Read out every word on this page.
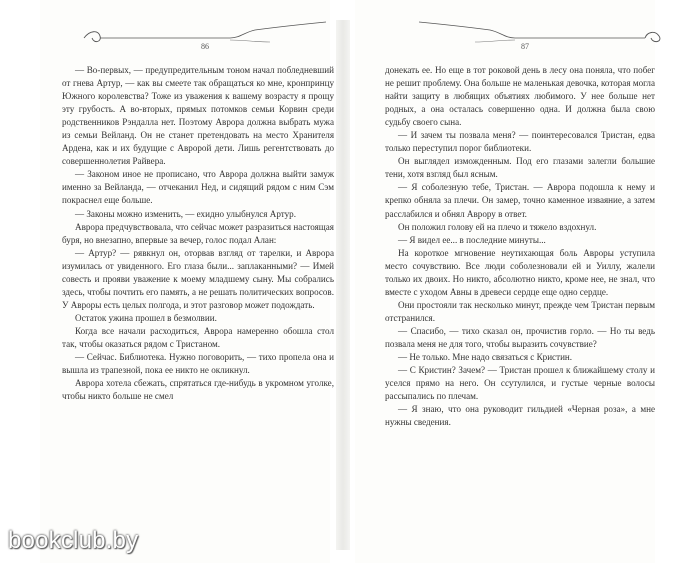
86

— Во-первых, — предупредительным тоном начал побледневший от гнева Артур, — как вы смеете так обращаться ко мне, кронпринцу Южного королевства? Тоже из уважения к вашему возрасту я прощу эту грубость. А во-вторых, прямых потомков семьи Корвин среди родственников Рэндалла нет. Поэтому Аврора должна выбрать мужа из семьи Вейланд. Он не станет претендовать на место Хранителя Ардена, как и их будущие с Авророй дети. Лишь регентствовать до совершеннолетия Райвера.

— Законом иное не прописано, что Аврора должна выйти замуж именно за Вейланда, — отчеканил Нед, и сидящий рядом с ним Сэм покраснел еще больше.

— Законы можно изменить, — ехидно улыбнулся Артур.

Аврора предчувствовала, что сейчас может разразиться настоящая буря, но внезапно, впервые за вечер, голос подал Алан:

— Артур? — рявкнул он, оторвав взгляд от тарелки, и Аврора изумилась от увиденного. Его глаза были... заплаканными? — Имей совесть и прояви уважение к моему младшему сыну. Мы собрались здесь, чтобы почтить его память, а не решать политических вопросов. У Авроры есть целых полгода, и этот разговор может подождать.

Остаток ужина прошел в безмолвии.

Когда все начали расходиться, Аврора намеренно обошла стол так, чтобы оказаться рядом с Тристаном.

— Сейчас. Библиотека. Нужно поговорить, — тихо пропела она и вышла из трапезной, пока ее никто не окликнул.

Аврора хотела сбежать, спрятаться где-нибудь в укромном уголке, чтобы никто больше не смел

87

донекать ее. Но еще в тот роковой день в лесу она поняла, что побег не решит проблему. Она больше не маленькая девочка, которая могла найти защиту в любящих объятиях любимого. У нее больше нет родных, а она осталась совершенно одна. И должна была свою судьбу своего сына.

— И зачем ты позвала меня? — поинтересовался Тристан, едва только переступил порог библиотеки.

Он выглядел изможденным. Под его глазами залегли большие тени, хотя взгляд был ясным.

— Я соболезную тебе, Тристан. — Аврора подошла к нему и крепко обняла за плечи. Он замер, точно каменное изваяние, а затем расслабился и обнял Аврору в ответ.

Он положил голову ей на плечо и тяжело вздохнул.

— Я видел ее... в последние минуты...

На короткое мгновение неутихающая боль Авроры уступила место сочувствию. Все люди соболезновали ей и Уиллу, жалели только их двоих. Но никто, абсолютно никто, кроме нее, не знал, что вместе с уходом Авны в древеси сердце еще одно сердце.

Они простояли так несколько минут, прежде чем Тристан первым отстранился.

— Спасибо, — тихо сказал он, прочистив горло. — Но ты ведь позвала меня не для того, чтобы выразить сочувствие?

— Не только. Мне надо связаться с Кристин.

— С Кристин? Зачем? — Тристан прошел к ближайшему столу и уселся прямо на него. Он ссутулился, и густые черные волосы рассыпались по плечам.

— Я знаю, что она руководит гильдией «Черная роза», а мне нужны сведения.

bookclub.by
